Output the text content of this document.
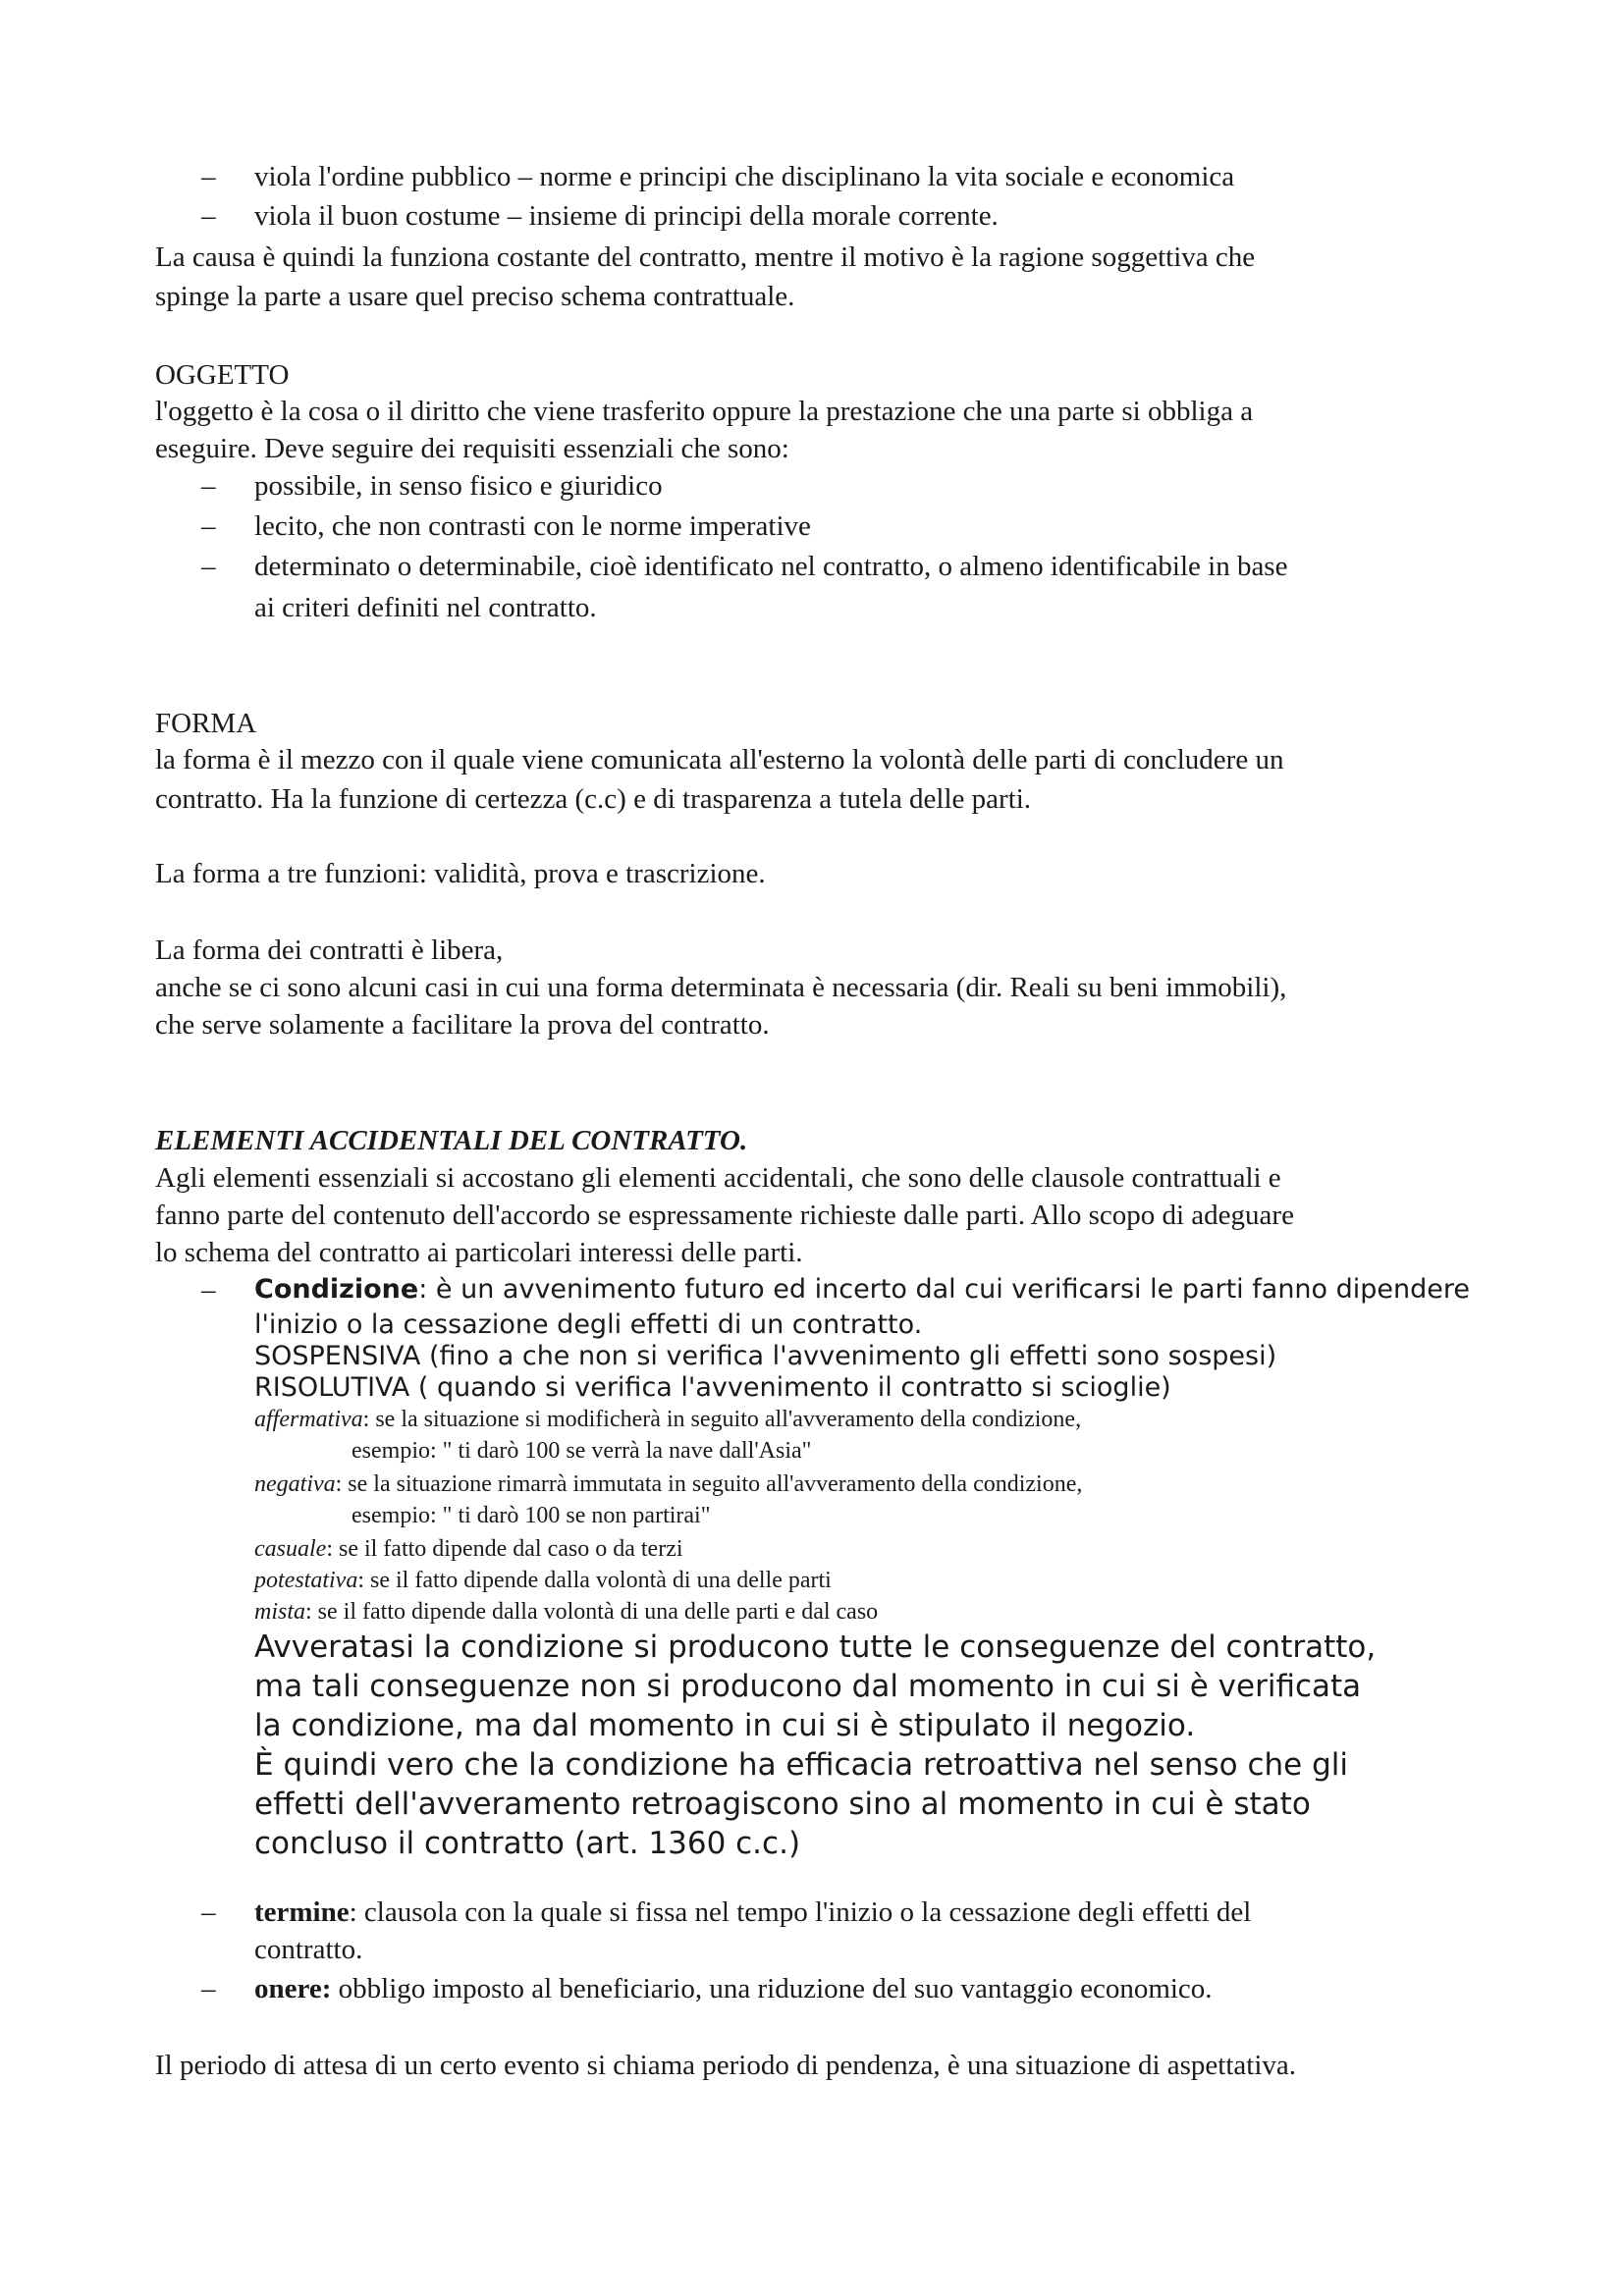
– viola l'ordine pubblico – norme e principi che disciplinano la vita sociale e economica

– viola il buon costume – insieme di principi della morale corrente.

La causa è quindi la funziona costante del contratto, mentre il motivo è la ragione soggettiva che

spinge la parte a usare quel preciso schema contrattuale.

OGGETTO

l'oggetto è la cosa o il diritto che viene trasferito oppure la prestazione che una parte si obbliga a

eseguire. Deve seguire dei requisiti essenziali che sono:

– possibile, in senso fisico e giuridico

– lecito, che non contrasti con le norme imperative

– determinato o determinabile, cioè identificato nel contratto, o almeno identificabile in base

ai criteri definiti nel contratto.

FORMA

la forma è il mezzo con il quale viene comunicata all'esterno la volontà delle parti di concludere un

contratto. Ha la funzione di certezza (c.c) e di trasparenza a tutela delle parti.

La forma a tre funzioni: validità, prova e trascrizione.

La forma dei contratti è libera,

anche se ci sono alcuni casi in cui una forma determinata è necessaria (dir. Reali su beni immobili),

che serve solamente a facilitare la prova del contratto.

ELEMENTI ACCIDENTALI DEL CONTRATTO.

Agli elementi essenziali si accostano gli elementi accidentali, che sono delle clausole contrattuali e

fanno parte del contenuto dell'accordo se espressamente richieste dalle parti. Allo scopo di adeguare

lo schema del contratto ai particolari interessi delle parti.

– Condizione: è un avvenimento futuro ed incerto dal cui verificarsi le parti fanno dipendere

l'inizio o la cessazione degli effetti di un contratto.

SOSPENSIVA (fino a che non si verifica l'avvenimento gli effetti sono sospesi)

RISOLUTIVA ( quando si verifica l'avvenimento il contratto si scioglie)

affermativa: se la situazione si modificherà in seguito all'avveramento della condizione,

esempio: " ti darò 100 se verrà la nave dall'Asia"

negativa: se la situazione rimarrà immutata in seguito all'avveramento della condizione,

esempio: " ti darò 100 se non partirai"

casuale: se il fatto dipende dal caso o da terzi

potestativa: se il fatto dipende dalla volontà di una delle parti

mista: se il fatto dipende dalla volontà di una delle parti e dal caso

Avveratasi la condizione si producono tutte le conseguenze del contratto,

ma tali conseguenze non si producono dal momento in cui si è verificata

la condizione, ma dal momento in cui si è stipulato il negozio.

È quindi vero che la condizione ha efficacia retroattiva nel senso che gli

effetti dell'avveramento retroagiscono sino al momento in cui è stato

concluso il contratto (art. 1360 c.c.)

– termine: clausola con la quale si fissa nel tempo l'inizio o la cessazione degli effetti del

contratto.

– onere: obbligo imposto al beneficiario, una riduzione del suo vantaggio economico.

Il periodo di attesa di un certo evento si chiama periodo di pendenza, è una situazione di aspettativa.
